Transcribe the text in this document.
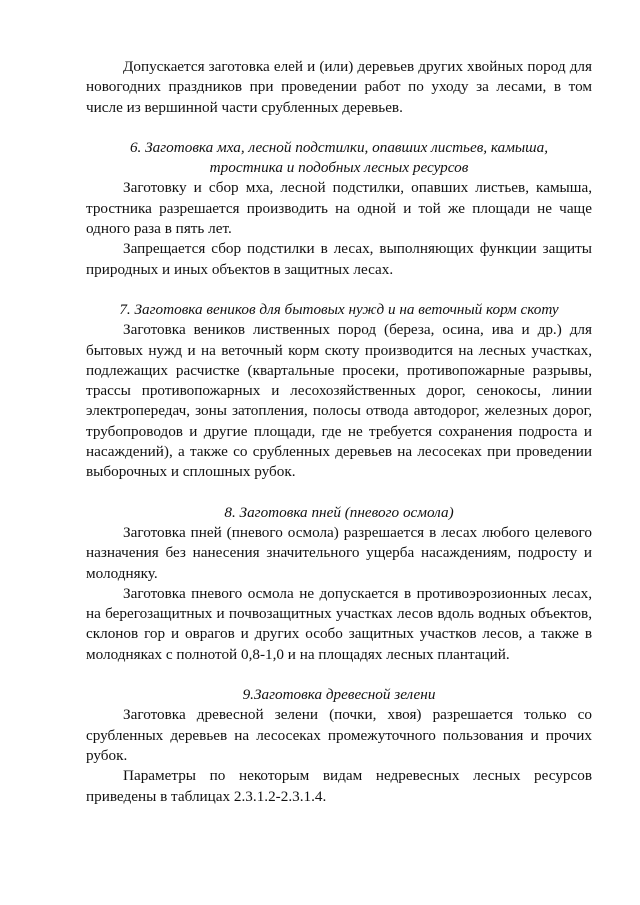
Допускается заготовка елей и (или) деревьев других хвойных пород для новогодних праздников при проведении работ по уходу за лесами, в том числе из вершинной части срубленных деревьев.

6. Заготовка мха, лесной подстилки, опавших листьев, камыша,
тростника и подобных лесных ресурсов

Заготовку и сбор мха, лесной подстилки, опавших листьев, камыша, тростника разрешается производить на одной и той же площади не чаще одного раза в пять лет.

Запрещается сбор подстилки в лесах, выполняющих функции защиты природных и иных объектов в защитных лесах.

7. Заготовка веников для бытовых нужд и на веточный корм скоту

Заготовка веников лиственных пород (береза, осина, ива и др.) для бытовых нужд и на веточный корм скоту производится на лесных участках, подлежащих расчистке (квартальные просеки, противопожарные разрывы, трассы противопожарных и лесохозяйственных дорог, сенокосы, линии электропередач, зоны затопления, полосы отвода автодорог, железных дорог, трубопроводов и другие площади, где не требуется сохранения подроста и насаждений), а также со срубленных деревьев на лесосеках при проведении выборочных и сплошных рубок.

8. Заготовка пней (пневого осмола)

Заготовка пней (пневого осмола) разрешается в лесах любого целевого назначения без нанесения значительного ущерба насаждениям, подросту и молодняку.

Заготовка пневого осмола не допускается в противоэрозионных лесах, на берегозащитных и почвозащитных участках лесов вдоль водных объектов, склонов гор и оврагов и других особо защитных участков лесов, а также в молодняках с полнотой 0,8-1,0 и на площадях лесных плантаций.

9.Заготовка древесной зелени

Заготовка древесной зелени (почки, хвоя) разрешается только со срубленных деревьев на лесосеках промежуточного пользования и прочих рубок.

Параметры по некоторым видам недревесных лесных ресурсов приведены в таблицах 2.3.1.2-2.3.1.4.
